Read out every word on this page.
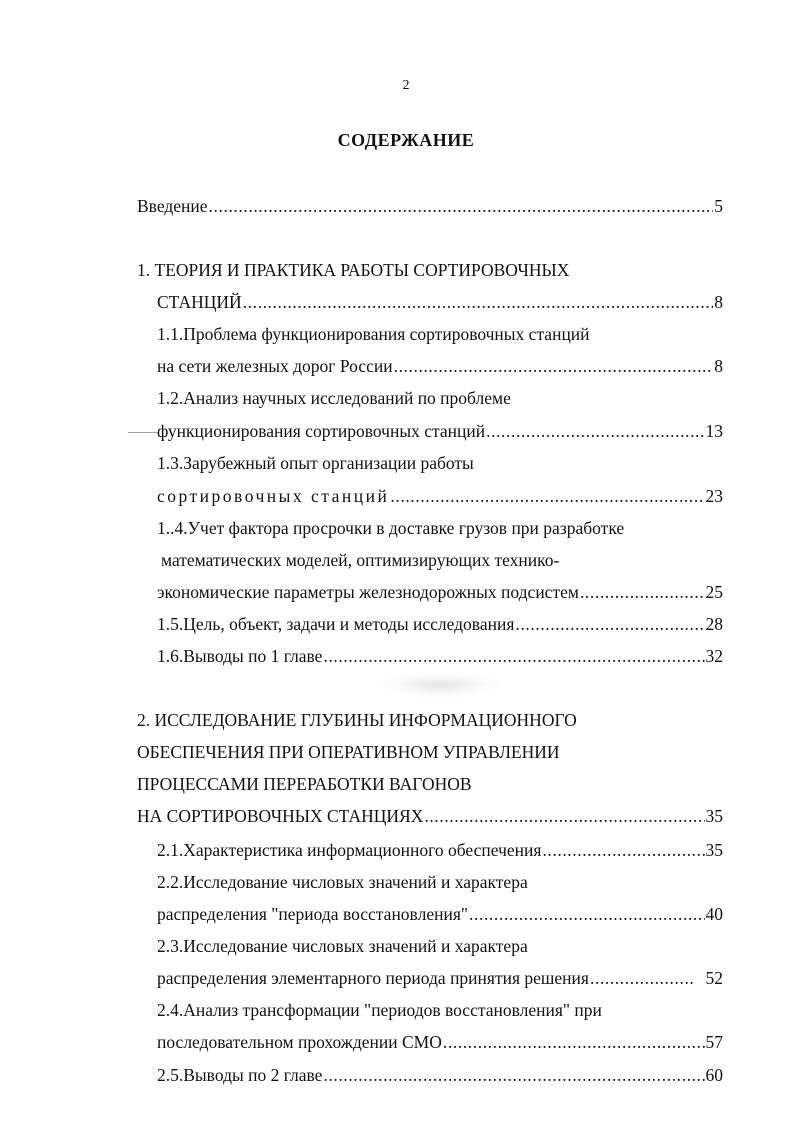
2
СОДЕРЖАНИЕ
Введение .....	5
1. ТЕОРИЯ И ПРАКТИКА РАБОТЫ СОРТИРОВОЧНЫХ
СТАНЦИЙ .....	8
1.1.Проблема функционирования сортировочных станций
на сети железных дорог России .....	8
1.2.Анализ научных исследований по проблеме
функционирования сортировочных станций .....	13
1.3.Зарубежный опыт организации работы
сортировочных станций .....	23
1..4.Учет фактора просрочки в доставке грузов при разработке
математических моделей, оптимизирующих технико-
экономические параметры железнодорожных подсистем .....	25
1.5.Цель, объект, задачи и методы исследования .....	28
1.6.Выводы по 1 главе .....	32
2. ИССЛЕДОВАНИЕ ГЛУБИНЫ ИНФОРМАЦИОННОГО
ОБЕСПЕЧЕНИЯ ПРИ ОПЕРАТИВНОМ УПРАВЛЕНИИ
ПРОЦЕССАМИ ПЕРЕРАБОТКИ ВАГОНОВ
НА СОРТИРОВОЧНЫХ СТАНЦИЯХ .....	35
2.1.Характеристика информационного обеспечения .....	35
2.2.Исследование числовых значений и характера
распределения "периода восстановления" .....	40
2.3.Исследование числовых значений и характера
распределения элементарного периода принятия решения .....	52
2.4.Анализ трансформации "периодов восстановления" при
последовательном прохождении СМО .....	57
2.5.Выводы по 2 главе .....	60
